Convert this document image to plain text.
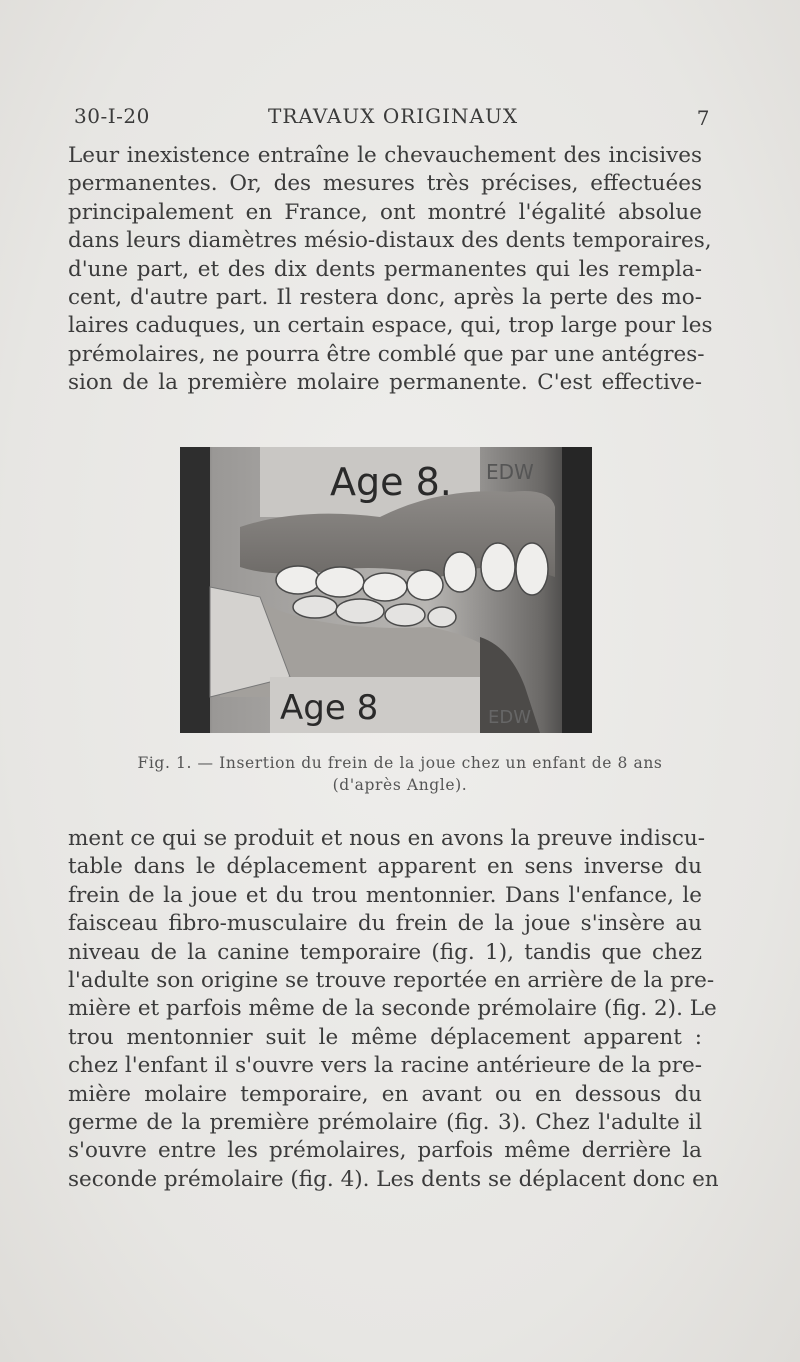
30-I-20	TRAVAUX ORIGINAUX	7
Leur inexistence entraîne le chevauchement des incisives
permanentes. Or, des mesures très précises, effectuées
principalement en France, ont montré l'égalité absolue
dans leurs diamètres mésio-distaux des dents temporaires,
d'une part, et des dix dents permanentes qui les rempla-
cent, d'autre part. Il restera donc, après la perte des mo-
laires caduques, un certain espace, qui, trop large pour les
prémolaires, ne pourra être comblé que par une antégres-
sion de la première molaire permanente. C'est effective-
Age 8. EDW
Age 8	EDW
Fig. 1. — Insertion du frein de la joue chez un enfant de 8 ans
(d'après Angle).
ment ce qui se produit et nous en avons la preuve indiscu-
table dans le déplacement apparent en sens inverse du
frein de la joue et du trou mentonnier. Dans l'enfance, le
faisceau fibro-musculaire du frein de la joue s'insère au
niveau de la canine temporaire (fig. 1), tandis que chez
l'adulte son origine se trouve reportée en arrière de la pre-
mière et parfois même de la seconde prémolaire (fig. 2). Le
trou mentonnier suit le même déplacement apparent :
chez l'enfant il s'ouvre vers la racine antérieure de la pre-
mière molaire temporaire, en avant ou en dessous du
germe de la première prémolaire (fig. 3). Chez l'adulte il
s'ouvre entre les prémolaires, parfois même derrière la
seconde prémolaire (fig. 4). Les dents se déplacent donc en
